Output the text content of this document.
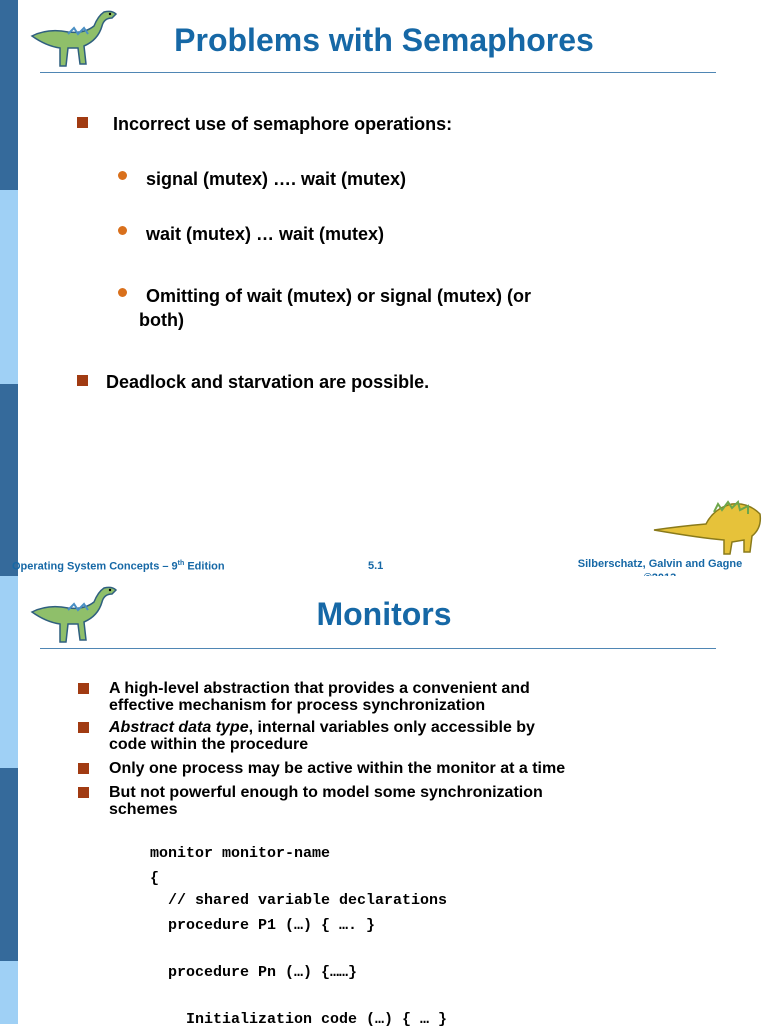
Problems with Semaphores
Incorrect use of semaphore operations:
signal (mutex) …. wait (mutex)
wait (mutex) … wait (mutex)
Omitting of wait (mutex) or signal (mutex) (or
both)
Deadlock and starvation are possible.
Operating System Concepts – 9th Edition	5.1	Silberschatz, Galvin and Gagne
Monitors
A high-level abstraction that provides a convenient and
effective mechanism for process synchronization
Abstract data type, internal variables only accessible by
code within the procedure
Only one process may be active within the monitor at a time
But not powerful enough to model some synchronization
schemes
monitor monitor-name
{
// shared variable declarations
procedure P1 (…) { …. }
procedure Pn (…) {……}
Initialization code (…) { … }
